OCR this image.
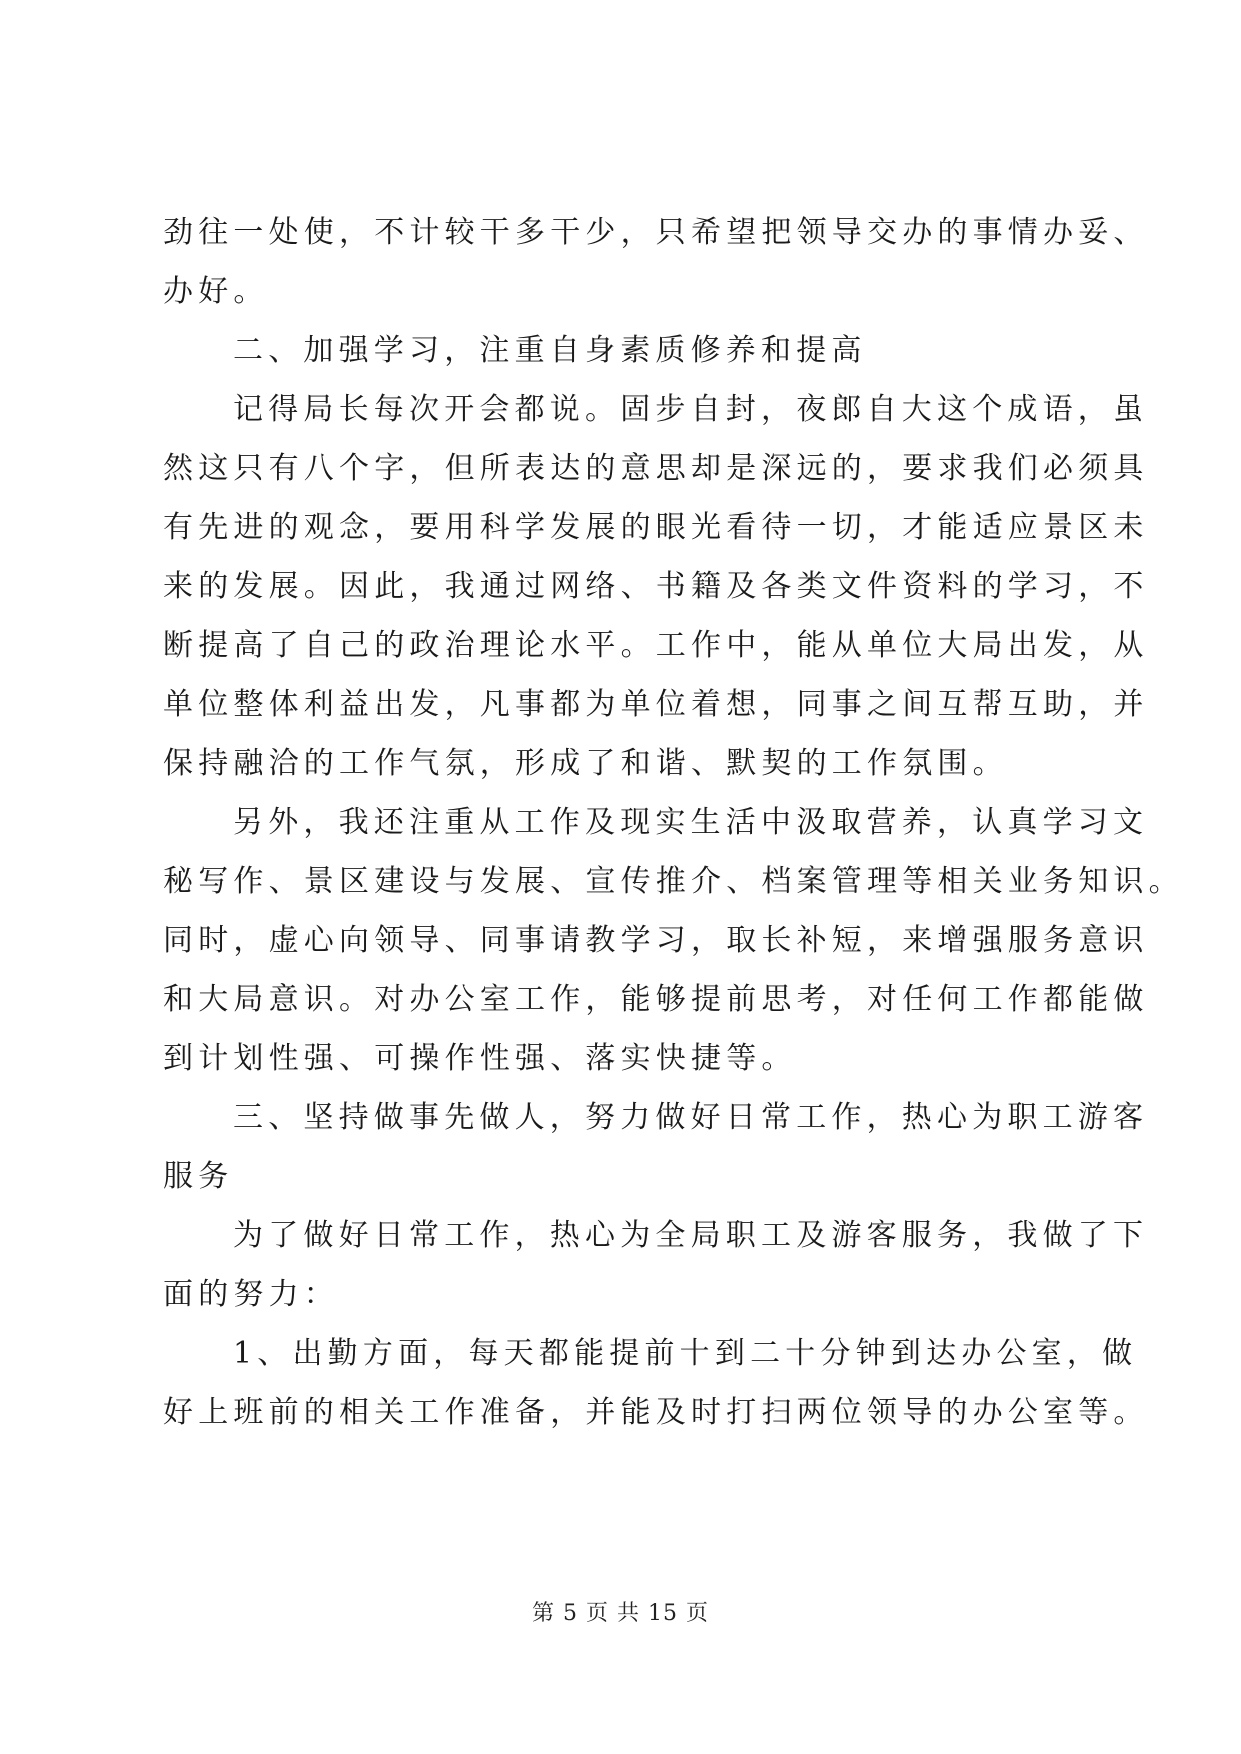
劲往一处使，不计较干多干少，只希望把领导交办的事情办妥、
办好。
二、加强学习，注重自身素质修养和提高
记得局长每次开会都说。固步自封，夜郎自大这个成语，虽
然这只有八个字，但所表达的意思却是深远的，要求我们必须具
有先进的观念，要用科学发展的眼光看待一切，才能适应景区未
来的发展。因此，我通过网络、书籍及各类文件资料的学习，不
断提高了自己的政治理论水平。工作中，能从单位大局出发，从
单位整体利益出发，凡事都为单位着想，同事之间互帮互助，并
保持融洽的工作气氛，形成了和谐、默契的工作氛围。
另外，我还注重从工作及现实生活中汲取营养，认真学习文
秘写作、景区建设与发展、宣传推介、档案管理等相关业务知识。
同时，虚心向领导、同事请教学习，取长补短，来增强服务意识
和大局意识。对办公室工作，能够提前思考，对任何工作都能做
到计划性强、可操作性强、落实快捷等。
三、坚持做事先做人，努力做好日常工作，热心为职工游客
服务
为了做好日常工作，热心为全局职工及游客服务，我做了下
面的努力：
1、出勤方面，每天都能提前十到二十分钟到达办公室，做
好上班前的相关工作准备，并能及时打扫两位领导的办公室等。
第 5 页 共 15 页
